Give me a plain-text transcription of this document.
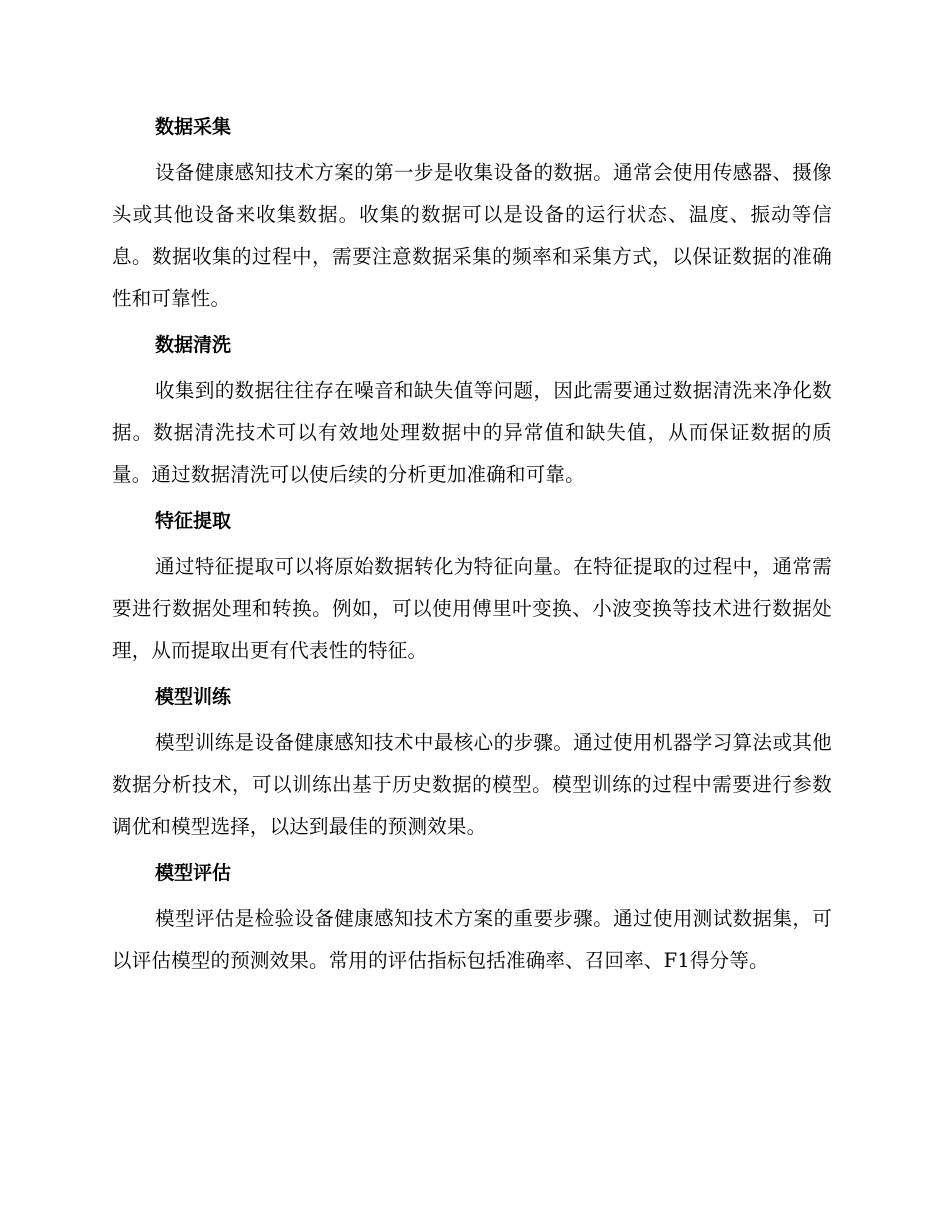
数据采集

设备健康感知技术方案的第一步是收集设备的数据。通常会使用传感器、摄像头或其他设备来收集数据。收集的数据可以是设备的运行状态、温度、振动等信息。数据收集的过程中，需要注意数据采集的频率和采集方式，以保证数据的准确性和可靠性。

数据清洗

收集到的数据往往存在噪音和缺失值等问题，因此需要通过数据清洗来净化数据。数据清洗技术可以有效地处理数据中的异常值和缺失值，从而保证数据的质量。通过数据清洗可以使后续的分析更加准确和可靠。

特征提取

通过特征提取可以将原始数据转化为特征向量。在特征提取的过程中，通常需要进行数据处理和转换。例如，可以使用傅里叶变换、小波变换等技术进行数据处理，从而提取出更有代表性的特征。

模型训练

模型训练是设备健康感知技术中最核心的步骤。通过使用机器学习算法或其他数据分析技术，可以训练出基于历史数据的模型。模型训练的过程中需要进行参数调优和模型选择，以达到最佳的预测效果。

模型评估

模型评估是检验设备健康感知技术方案的重要步骤。通过使用测试数据集，可以评估模型的预测效果。常用的评估指标包括准确率、召回率、F1得分等。
